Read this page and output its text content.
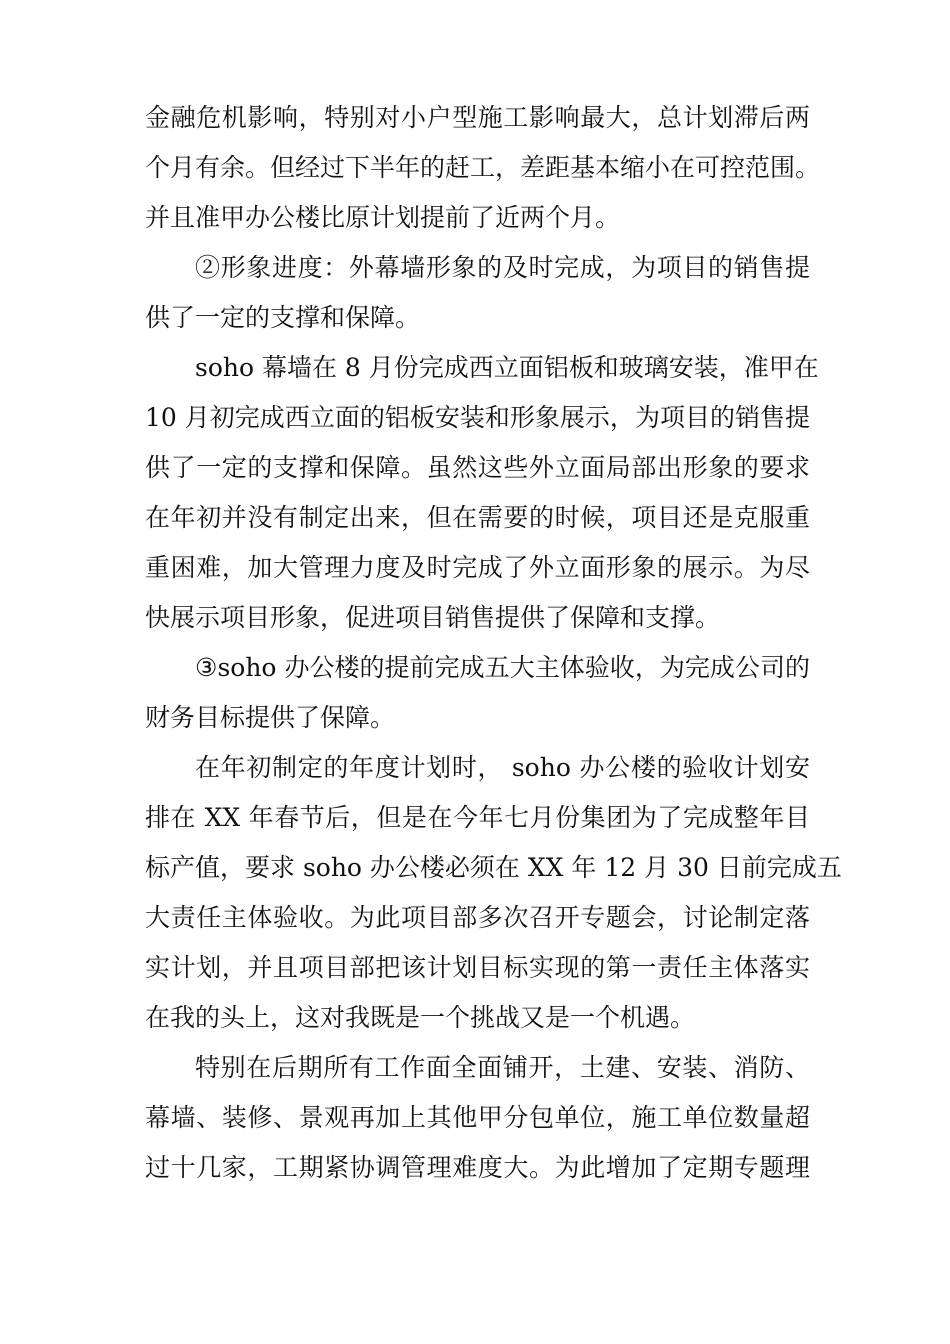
金融危机影响，特别对小户型施工影响最大，总计划滞后两
个月有余。但经过下半年的赶工，差距基本缩小在可控范围。
并且准甲办公楼比原计划提前了近两个月。
②形象进度：外幕墙形象的及时完成，为项目的销售提
供了一定的支撑和保障。
soho 幕墙在 8 月份完成西立面铝板和玻璃安装，准甲在
10 月初完成西立面的铝板安装和形象展示，为项目的销售提
供了一定的支撑和保障。虽然这些外立面局部出形象的要求
在年初并没有制定出来，但在需要的时候，项目还是克服重
重困难，加大管理力度及时完成了外立面形象的展示。为尽
快展示项目形象，促进项目销售提供了保障和支撑。
③soho 办公楼的提前完成五大主体验收，为完成公司的
财务目标提供了保障。
在年初制定的年度计划时， soho 办公楼的验收计划安
排在 XX 年春节后，但是在今年七月份集团为了完成整年目
标产值，要求 soho 办公楼必须在 XX 年 12 月 30 日前完成五
大责任主体验收。为此项目部多次召开专题会，讨论制定落
实计划，并且项目部把该计划目标实现的第一责任主体落实
在我的头上，这对我既是一个挑战又是一个机遇。
特别在后期所有工作面全面铺开，土建、安装、消防、
幕墙、装修、景观再加上其他甲分包单位，施工单位数量超
过十几家，工期紧协调管理难度大。为此增加了定期专题理
